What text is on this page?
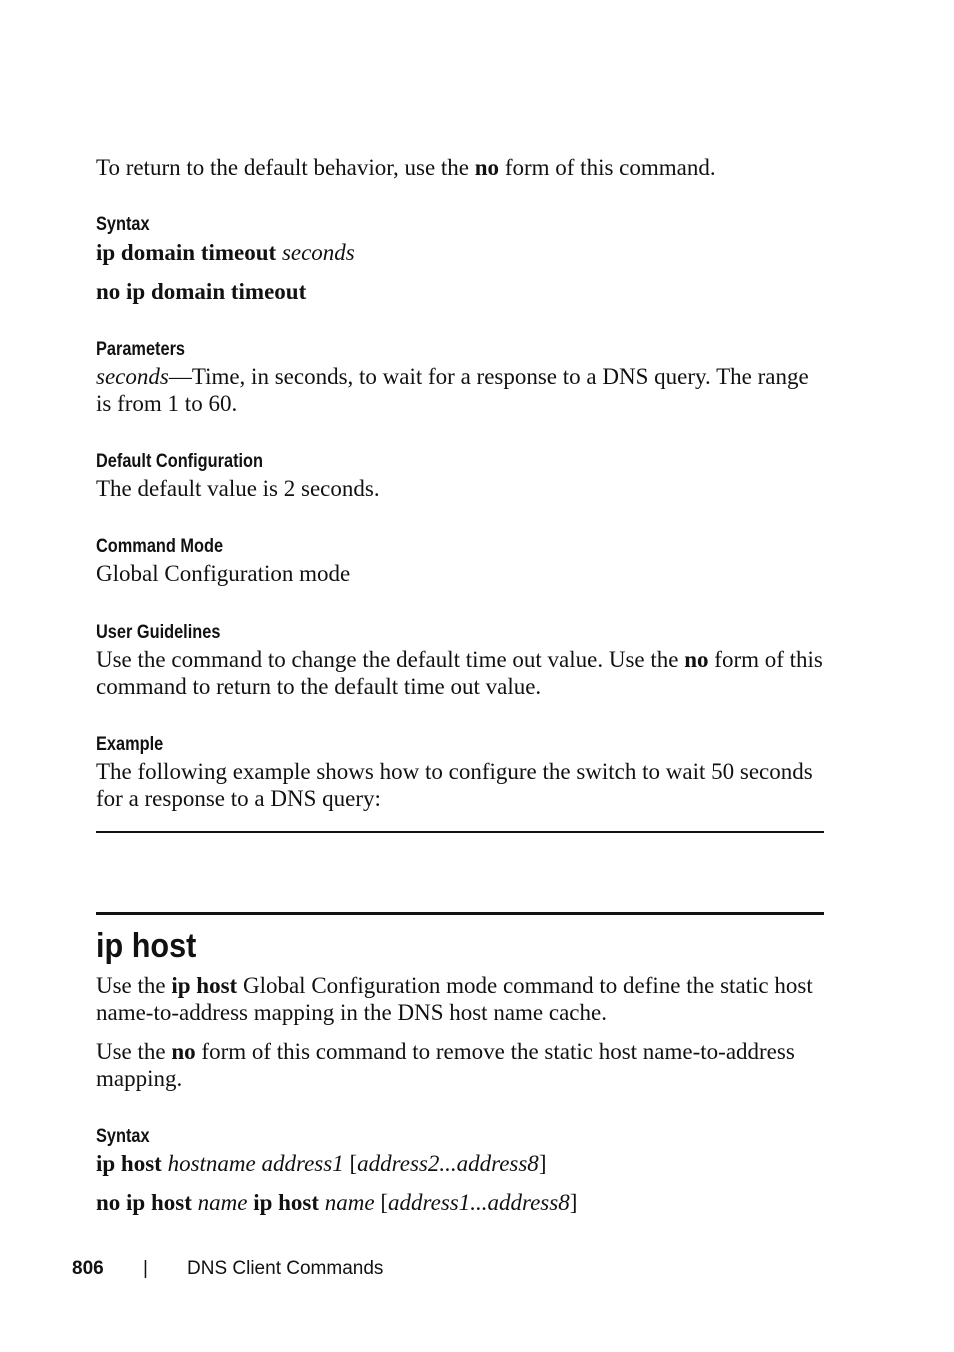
To return to the default behavior, use the no form of this command.

Syntax

ip domain timeout seconds

no ip domain timeout

Parameters

seconds—Time, in seconds, to wait for a response to a DNS query. The range is from 1 to 60.

Default Configuration

The default value is 2 seconds.

Command Mode

Global Configuration mode

User Guidelines

Use the command to change the default time out value. Use the no form of this command to return to the default time out value.

Example

The following example shows how to configure the switch to wait 50 seconds for a response to a DNS query:

ip host

Use the ip host Global Configuration mode command to define the static host name-to-address mapping in the DNS host name cache.

Use the no form of this command to remove the static host name-to-address mapping.

Syntax

ip host hostname address1 [address2...address8]

no ip host name ip host name [address1...address8]

806 | DNS Client Commands
